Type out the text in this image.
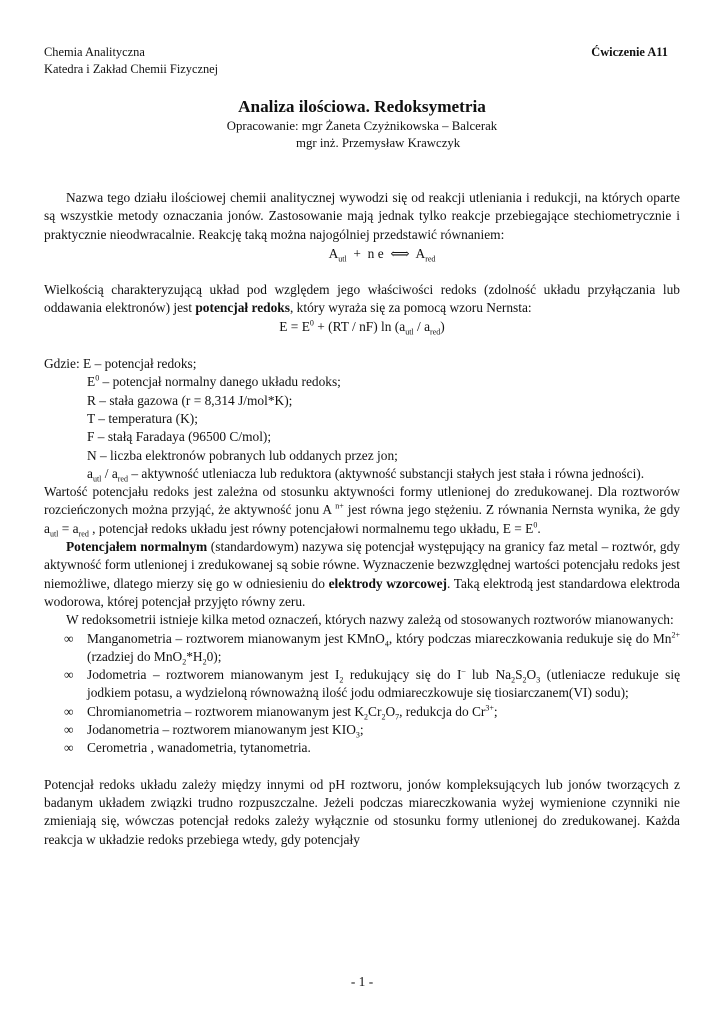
Chemia Analityczna	Ćwiczenie A11
Katedra i Zakład Chemii Fizycznej
Analiza ilościowa. Redoksymetria
Opracowanie: mgr Żaneta Czyżnikowska – Balcerak
mgr inż. Przemysław Krawczyk

Nazwa tego działu ilościowej chemii analitycznej wywodzi się od reakcji utleniania i redukcji, na których oparte są wszystkie metody oznaczania jonów. Zastosowanie mają jednak tylko reakcje przebiegające stechiometrycznie i praktycznie nieodwracalnie. Reakcję taką można najogólniej przedstawić równaniem:

$A_{utl} + n$ e ⟺ $A_{red}$

Wielkością charakteryzującą układ pod względem jego właściwości redoks (zdolność układu przyłączania lub oddawania elektronów) jest potencjał redoks, który wyraża się za pomocą wzoru Nernsta:

$E = E^0 + (RT / nF)$ $\ln (a_{utl} / a_{red})$
Gdzie: E – potencjał redoks;
$E^0$ – potencjał normalny danego układu redoks;
R – stała gazowa (r = 8,314 J/mol*K);
T – temperatura (K);
F – stałą Faradaya (96500 C/mol);
N – liczba elektronów pobranych lub oddanych przez jon;
$a_{utl} / a_{red}$ – aktywność utleniacza lub reduktora (aktywność substancji stałych jest stała i równa jedności).

Wartość potencjału redoks jest zależna od stosunku aktywności formy utlenionej do zredukowanej. Dla roztworów rozcieńczonych można przyjąć, że aktywność jonu A $^{n+}$ jest równa jego stężeniu. Z równania Nernsta wynika, że gdy $a_{utl} = a_{red}$ , potencjał redoks układu jest równy potencjałowi normalnemu tego układu, $E = E^0$.

Potencjałem normalnym (standardowym) nazywa się potencjał występujący na granicy faz metal – roztwór, gdy aktywność form utlenionej i zredukowanej są sobie równe. Wyznaczenie bezwzględnej wartości potencjału redoks jest niemożliwe, dlatego mierzy się go w odniesieniu do elektrody wzorcowej. Taką elektrodą jest standardowa elektroda wodorowa, której potencjał przyjęto równy zeru.

W redoksometrii istnieje kilka metod oznaczeń, których nazwy zależą od stosowanych roztworów mianowanych:

∞ Manganometria – roztworem mianowanym jest KMnO$_4$, który podczas miareczkowania redukuje się do $Mn^{2+}$ (rzadziej do $MnO_2*H_20$);
∞ Jodometria – roztworem mianowanym jest $I_2$ redukujący się do I– lub $Na_2S_2O_3$ (utleniacze redukuje się jodkiem potasu, a wydzieloną równoważną ilość jodu odmiareczkowuje się tiosiarczanem(VI) sodu);
∞ Chromianometria – roztworem mianowanym jest $K_2Cr_2O_7$, redukcja do $Cr^{3+}$;
∞ Jodanometria – roztworem mianowanym jest $KIO_3$;
∞ Cerometria , wanadometria, tytanometria.

Potencjał redoks układu zależy między innymi od pH roztworu, jonów kompleksujących lub jonów tworzących z badanym układem związki trudno rozpuszczalne. Jeżeli podczas miareczkowania wyżej wymienione czynniki nie zmieniają się, wówczas potencjał redoks zależy wyłącznie od stosunku formy utlenionej do zredukowanej. Każda reakcja w układzie redoks przebiega wtedy, gdy potencjały

- 1 -
